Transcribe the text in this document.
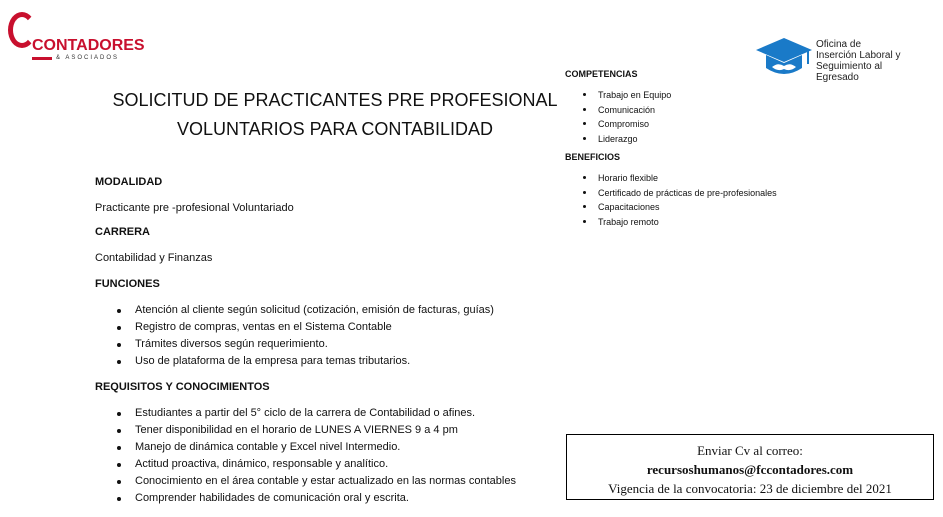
CONTADORES
& ASOCIADOS
Oficina de
Inserción Laboral y
Seguimiento al
Egresado
SOLICITUD DE PRACTICANTES PRE PROFESIONAL
VOLUNTARIOS PARA CONTABILIDAD
MODALIDAD
Practicante pre -profesional Voluntariado
CARRERA
Contabilidad y Finanzas
FUNCIONES
Atención al cliente según solicitud (cotización, emisión de facturas, guías)
Registro de compras, ventas en el Sistema Contable
Trámites diversos según requerimiento.
Uso de plataforma de la empresa para temas tributarios.
REQUISITOS Y CONOCIMIENTOS
Estudiantes a partir del 5° ciclo de la carrera de Contabilidad o afines.
Tener disponibilidad en el horario de LUNES A VIERNES 9 a 4 pm
Manejo de dinámica contable y Excel nivel Intermedio.
Actitud proactiva, dinámico, responsable y analítico.
Conocimiento en el área contable y estar actualizado en las normas contables
Comprender habilidades de comunicación oral y escrita.
COMPETENCIAS
Trabajo en Equipo
Comunicación
Compromiso
Liderazgo
BENEFICIOS
Horario flexible
Certificado de prácticas de pre-profesionales
Capacitaciones
Trabajo remoto
Enviar Cv al correo:
recursoshumanos@fccontadores.com
Vigencia de la convocatoria: 23 de diciembre del 2021
